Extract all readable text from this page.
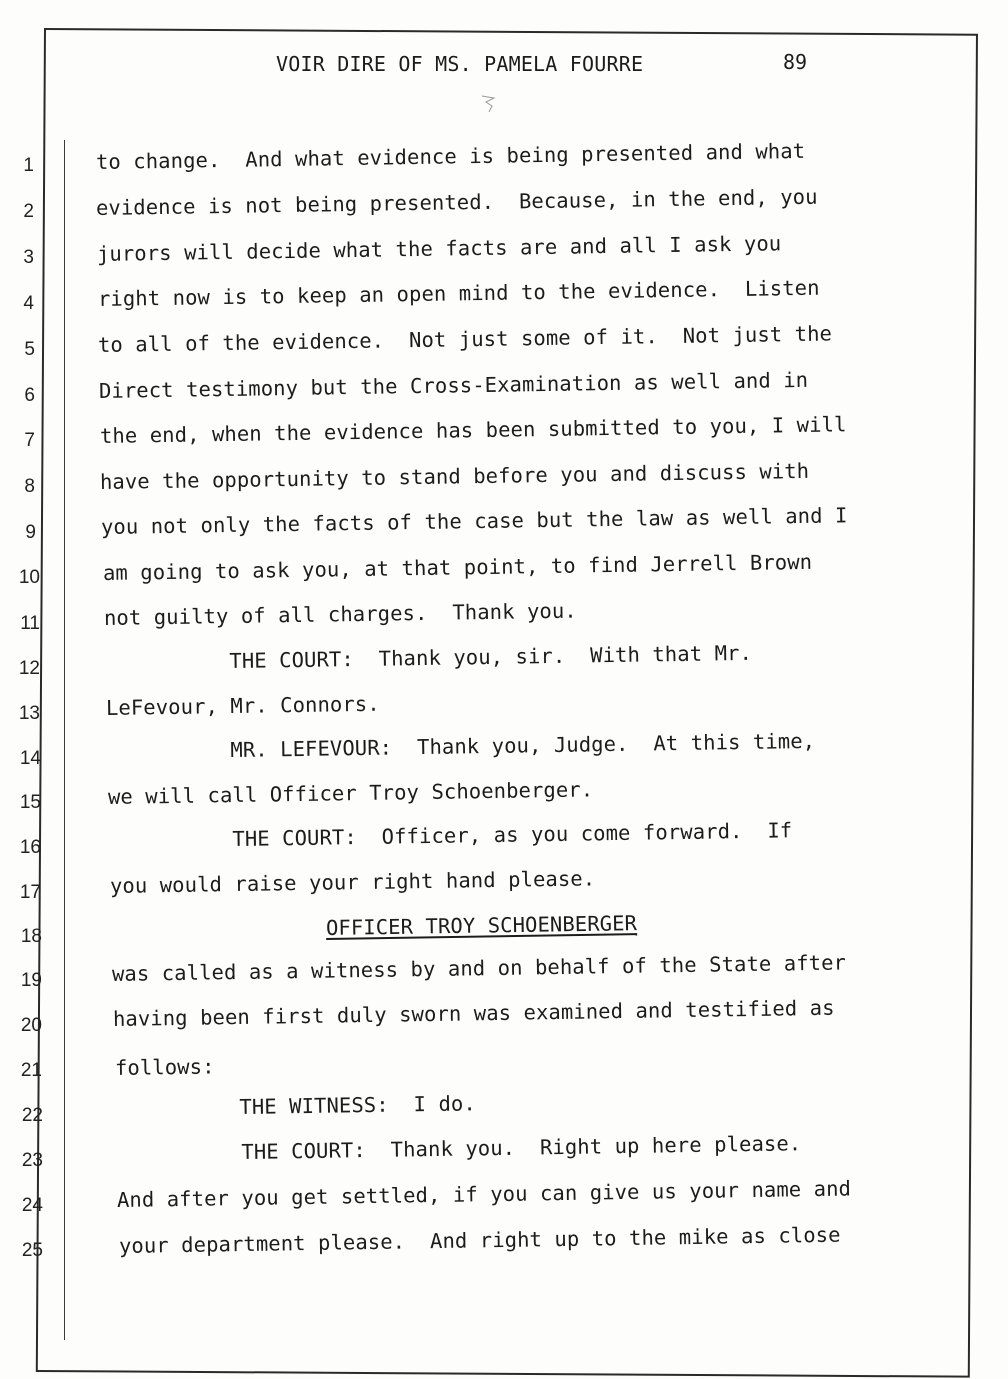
VOIR DIRE OF MS. PAMELA FOURRE	89
1
2
3
4
5
6
7
8
9
10
11
12
13
14
15
16
17
18
19
20
21
22
23
24
25
to change.  And what evidence is being presented and what
evidence is not being presented.  Because, in the end, you
jurors will decide what the facts are and all I ask you
right now is to keep an open mind to the evidence.  Listen
to all of the evidence.  Not just some of it.  Not just the
Direct testimony but the Cross-Examination as well and in
the end, when the evidence has been submitted to you, I will
have the opportunity to stand before you and discuss with
you not only the facts of the case but the law as well and I
am going to ask you, at that point, to find Jerrell Brown
not guilty of all charges.  Thank you.
THE COURT:  Thank you, sir.  With that Mr.
LeFevour, Mr. Connors.
MR. LEFEVOUR:  Thank you, Judge.  At this time,
we will call Officer Troy Schoenberger.
THE COURT:  Officer, as you come forward.  If
you would raise your right hand please.
OFFICER TROY SCHOENBERGER
was called as a witness by and on behalf of the State after
having been first duly sworn was examined and testified as
follows:
THE WITNESS:  I do.
THE COURT:  Thank you.  Right up here please.
And after you get settled, if you can give us your name and
your department please.  And right up to the mike as close
